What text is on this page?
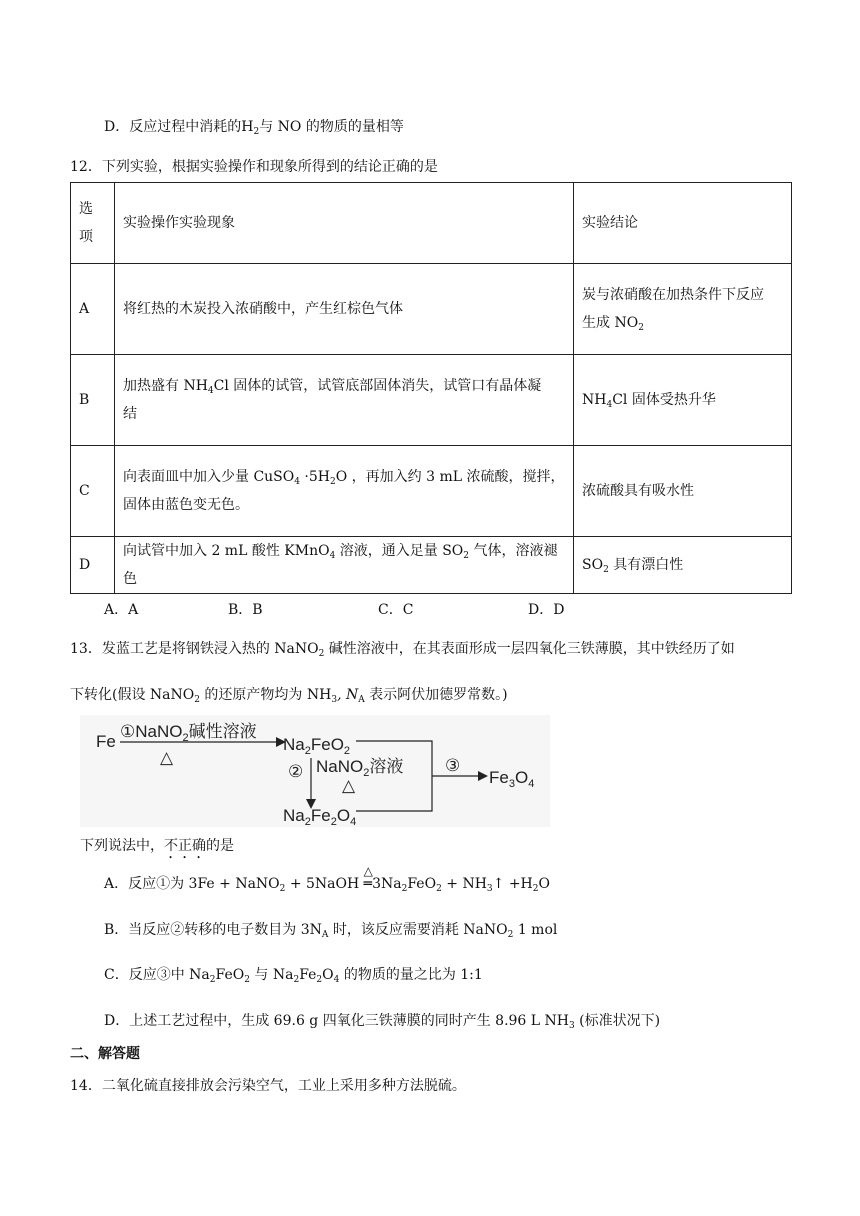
D．反应过程中消耗的$H_2$与 NO 的物质的量相等
12．下列实验，根据实验操作和现象所得到的结论正确的是
选
项	实验操作实验现象	实验结论
A	将红热的木炭投入浓硝酸中，产生红棕色气体	炭与浓硝酸在加热条件下反应
生成 $NO_2$

B	加热盛有 $NH_4Cl$ 固体的试管，试管底部固体消失，试管口有晶体凝
结	$NH_4Cl$ 固体受热升华
C	向表面皿中加入少量 CuSO$_4$ $\cdot 5H_2O$ ，再加入约 3 mL 浓硫酸，搅拌，
固体由蓝色变无色。	浓硫酸具有吸水性
D	向试管中加入 2 mL 酸性 KMnO$_4$ 溶液，通入足量 $SO_2$ 气体，溶液褪色	$SO_2$ 具有漂白性
A．A	B．B	C．C	D．D
13．发蓝工艺是将钢铁浸入热的 NaNO$_2$ 碱性溶液中，在其表面形成一层四氧化三铁薄膜，其中铁经历了如
下转化(假设 NaNO$_2$ 的还原产物均为 $NH_3$, $N_A$ 表示阿伏加德罗常数。)
Fe
①NaNO$_2$碱性溶液
△
$Na_2FeO_2$
② NaNO$_2$溶液
△
$Na_2Fe_2O_4$
③
$Fe_3O_4$
下列说法中，不正确的是
A．反应①为 3Fe + NaNO$_2$ + 5NaOH
△
$═3Na_2FeO_2$ + $NH_3↑ +H_2O$
B．当反应②转移的电子数目为 $3N_A$ 时，该反应需要消耗 NaNO$_2$ 1 mol
C．反应③中 $Na_2FeO_2$ 与 $Na_2Fe_2O_4$ 的物质的量之比为 1:1
D．上述工艺过程中，生成 69.6 g 四氧化三铁薄膜的同时产生 8.96 L $NH_3$ (标准状况下)
二、解答题
14．二氧化硫直接排放会污染空气，工业上采用多种方法脱硫。
